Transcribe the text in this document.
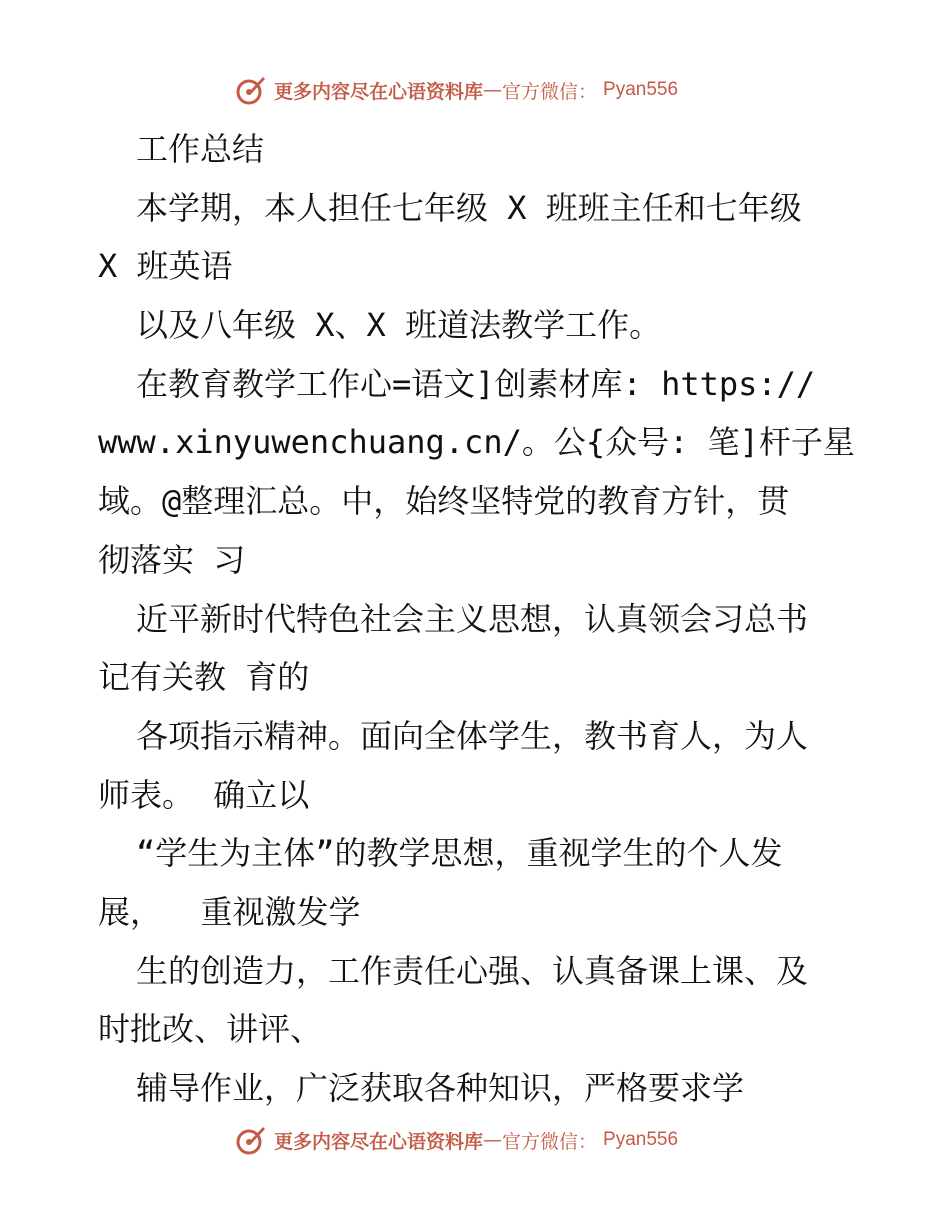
更多内容尽在心语资料库 — 官方微信： Pyan556
工作总结
本学期，本人担任七年级 X 班班主任和七年级
X 班英语
以及八年级 X、X 班道法教学工作。
在教育教学工作心=语文]创素材库: https://
www.xinyuwenchuang.cn/。公{众号: 笔]杆子星
域。@整理汇总。中，始终坚特党的教育方针，贯
彻落实 习
近平新时代特色社会主义思想，认真领会习总书
记有关教 育的
各项指示精神。面向全体学生，教书育人，为人
师表。 确立以
“学生为主体”的教学思想，重视学生的个人发
展，  重视激发学
生的创造力，工作责任心强、认真备课上课、及
时批改、讲评、
辅导作业，广泛获取各种知识，严格要求学
更多内容尽在心语资料库 — 官方微信： Pyan556
